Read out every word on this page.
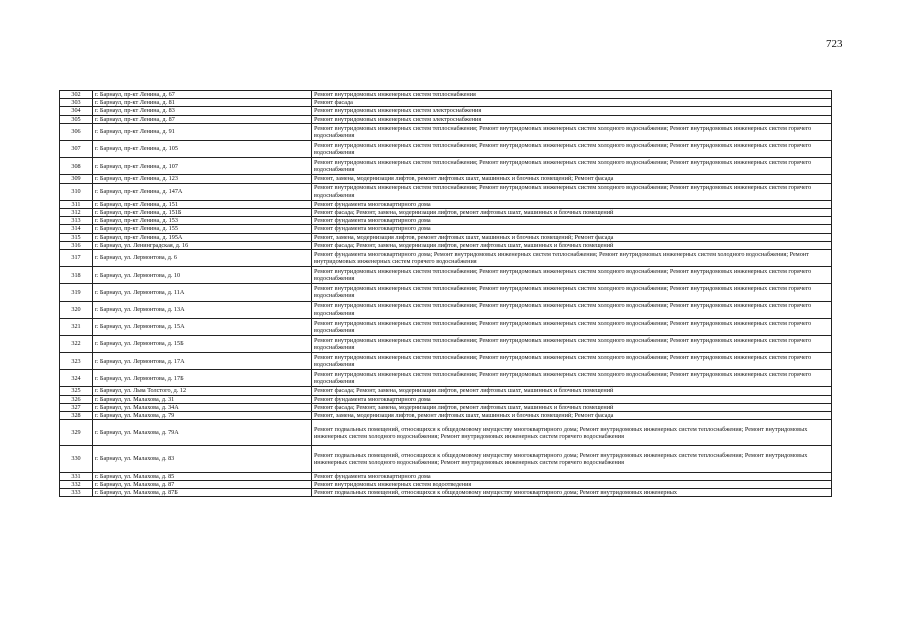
723
302	г. Барнаул, пр-кт Ленина, д. 67	Ремонт внутридомовых инженерных систем теплоснабжения
303	г. Барнаул, пр-кт Ленина, д. 81	Ремонт фасада
304	г. Барнаул, пр-кт Ленина, д. 83	Ремонт внутридомовых инженерных систем электроснабжения
305	г. Барнаул, пр-кт Ленина, д. 87	Ремонт внутридомовых инженерных систем электроснабжения
306	г. Барнаул, пр-кт Ленина, д. 91	Ремонт внутридомовых инженерных систем теплоснабжения; Ремонт внутридомовых инженерных систем холодного водоснабжения; Ремонт внутридомовых инженерных систем горячего водоснабжения
307	г. Барнаул, пр-кт Ленина, д. 105	Ремонт внутридомовых инженерных систем теплоснабжения; Ремонт внутридомовых инженерных систем холодного водоснабжения; Ремонт внутридомовых инженерных систем горячего водоснабжения
308	г. Барнаул, пр-кт Ленина, д. 107	Ремонт внутридомовых инженерных систем теплоснабжения; Ремонт внутридомовых инженерных систем холодного водоснабжения; Ремонт внутридомовых инженерных систем горячего водоснабжения
309	г. Барнаул, пр-кт Ленина, д. 123	Ремонт, замена, модернизация лифтов, ремонт лифтовых шахт, машинных и блочных помещений; Ремонт фасада
310	г. Барнаул, пр-кт Ленина, д. 147А	Ремонт внутридомовых инженерных систем теплоснабжения; Ремонт внутридомовых инженерных систем холодного водоснабжения; Ремонт внутридомовых инженерных систем горячего водоснабжения
311	г. Барнаул, пр-кт Ленина, д. 151	Ремонт фундамента многоквартирного дома
312	г. Барнаул, пр-кт Ленина, д. 151Б	Ремонт фасада; Ремонт, замена, модернизация лифтов, ремонт лифтовых шахт, машинных и блочных помещений
313	г. Барнаул, пр-кт Ленина, д. 153	Ремонт фундамента многоквартирного дома
314	г. Барнаул, пр-кт Ленина, д. 155	Ремонт фундамента многоквартирного дома
315	г. Барнаул, пр-кт Ленина, д. 195А	Ремонт, замена, модернизация лифтов, ремонт лифтовых шахт, машинных и блочных помещений; Ремонт фасада
316	г. Барнаул, ул. Ленинградская, д. 16	Ремонт фасада; Ремонт, замена, модернизация лифтов, ремонт лифтовых шахт, машинных и блочных помещений
317	г. Барнаул, ул. Лермонтова, д. 6	Ремонт фундамента многоквартирного дома; Ремонт внутридомовых инженерных систем теплоснабжения; Ремонт внутридомовых инженерных систем холодного водоснабжения; Ремонт внутридомовых инженерных систем горячего водоснабжения
318	г. Барнаул, ул. Лермонтова, д. 10	Ремонт внутридомовых инженерных систем теплоснабжения; Ремонт внутридомовых инженерных систем холодного водоснабжения; Ремонт внутридомовых инженерных систем горячего водоснабжения
319	г. Барнаул, ул. Лермонтова, д. 11А	Ремонт внутридомовых инженерных систем теплоснабжения; Ремонт внутридомовых инженерных систем холодного водоснабжения; Ремонт внутридомовых инженерных систем горячего водоснабжения
320	г. Барнаул, ул. Лермонтова, д. 13А	Ремонт внутридомовых инженерных систем теплоснабжения; Ремонт внутридомовых инженерных систем холодного водоснабжения; Ремонт внутридомовых инженерных систем горячего водоснабжения
321	г. Барнаул, ул. Лермонтова, д. 15А	Ремонт внутридомовых инженерных систем теплоснабжения; Ремонт внутридомовых инженерных систем холодного водоснабжения; Ремонт внутридомовых инженерных систем горячего водоснабжения
322	г. Барнаул, ул. Лермонтова, д. 15Б	Ремонт внутридомовых инженерных систем теплоснабжения; Ремонт внутридомовых инженерных систем холодного водоснабжения; Ремонт внутридомовых инженерных систем горячего водоснабжения
323	г. Барнаул, ул. Лермонтова, д. 17А	Ремонт внутридомовых инженерных систем теплоснабжения; Ремонт внутридомовых инженерных систем холодного водоснабжения; Ремонт внутридомовых инженерных систем горячего водоснабжения
324	г. Барнаул, ул. Лермонтова, д. 17Б	Ремонт внутридомовых инженерных систем теплоснабжения; Ремонт внутридомовых инженерных систем холодного водоснабжения; Ремонт внутридомовых инженерных систем горячего водоснабжения
325	г. Барнаул, ул. Льва Толстого, д. 12	Ремонт фасада; Ремонт, замена, модернизация лифтов, ремонт лифтовых шахт, машинных и блочных помещений
326	г. Барнаул, ул. Малахова, д. 31	Ремонт фундамента многоквартирного дома
327	г. Барнаул, ул. Малахова, д. 34А	Ремонт фасада; Ремонт, замена, модернизация лифтов, ремонт лифтовых шахт, машинных и блочных помещений
328	г. Барнаул, ул. Малахова, д. 79	Ремонт, замена, модернизация лифтов, ремонт лифтовых шахт, машинных и блочных помещений; Ремонт фасада
329	г. Барнаул, ул. Малахова, д. 79А	Ремонт подвальных помещений, относящихся к общедомовому имуществу многоквартирного дома; Ремонт внутридомовых инженерных систем теплоснабжения; Ремонт внутридомовых инженерных систем холодного водоснабжения; Ремонт внутридомовых инженерных систем горячего водоснабжения
330	г. Барнаул, ул. Малахова, д. 83	Ремонт подвальных помещений, относящихся к общедомовому имуществу многоквартирного дома; Ремонт внутридомовых инженерных систем теплоснабжения; Ремонт внутридомовых инженерных систем холодного водоснабжения; Ремонт внутридомовых инженерных систем горячего водоснабжения
331	г. Барнаул, ул. Малахова, д. 85	Ремонт фундамента многоквартирного дома
332	г. Барнаул, ул. Малахова, д. 87	Ремонт внутридомовых инженерных систем водоотведения
333	г. Барнаул, ул. Малахова, д. 87Б	Ремонт подвальных помещений, относящихся к общедомовому имуществу многоквартирного дома; Ремонт внутридомовых инженерных
